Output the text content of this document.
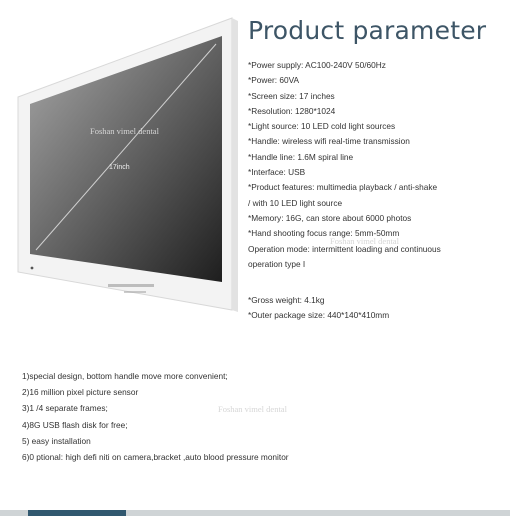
17inch
Foshan vimel dental
Foshan vimel dental
Foshan vimel dental
Product parameter
*Power supply: AC100-240V 50/60Hz
*Power: 60VA
*Screen size: 17 inches
*Resolution: 1280*1024
*Light source: 10 LED cold light sources
*Handle: wireless wifi real-time transmission
*Handle line: 1.6M spiral line
*Interface: USB
*Product features: multimedia playback / anti-shake
/ with 10 LED light source
*Memory: 16G, can store about 6000 photos
*Hand shooting focus range: 5mm-50mm
Operation mode: intermittent loading and continuous
operation type I
*Gross weight: 4.1kg
*Outer package size: 440*140*410mm
1)special design, bottom handle move more convenient;
2)16 million pixel picture sensor
3)1 /4 separate frames;
4)8G USB flash disk for free;
5) easy installation
6)0 ptional: high defi niti on camera,bracket ,auto blood pressure monitor
